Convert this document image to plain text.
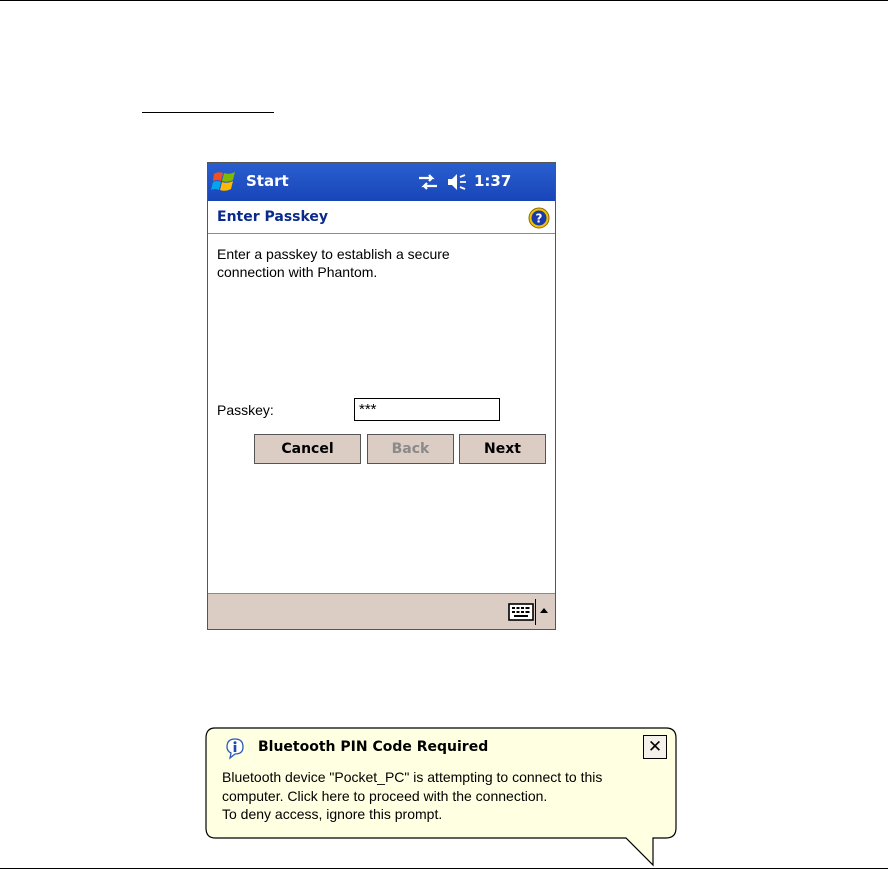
Start	1:37
Enter Passkey	?
Enter a passkey to establish a secure
connection with Phantom.
Passkey:
***
Cancel	Back	Next
Bluetooth PIN Code Required	✕
Bluetooth device "Pocket_PC" is attempting to connect to this
computer. Click here to proceed with the connection.
To deny access, ignore this prompt.
